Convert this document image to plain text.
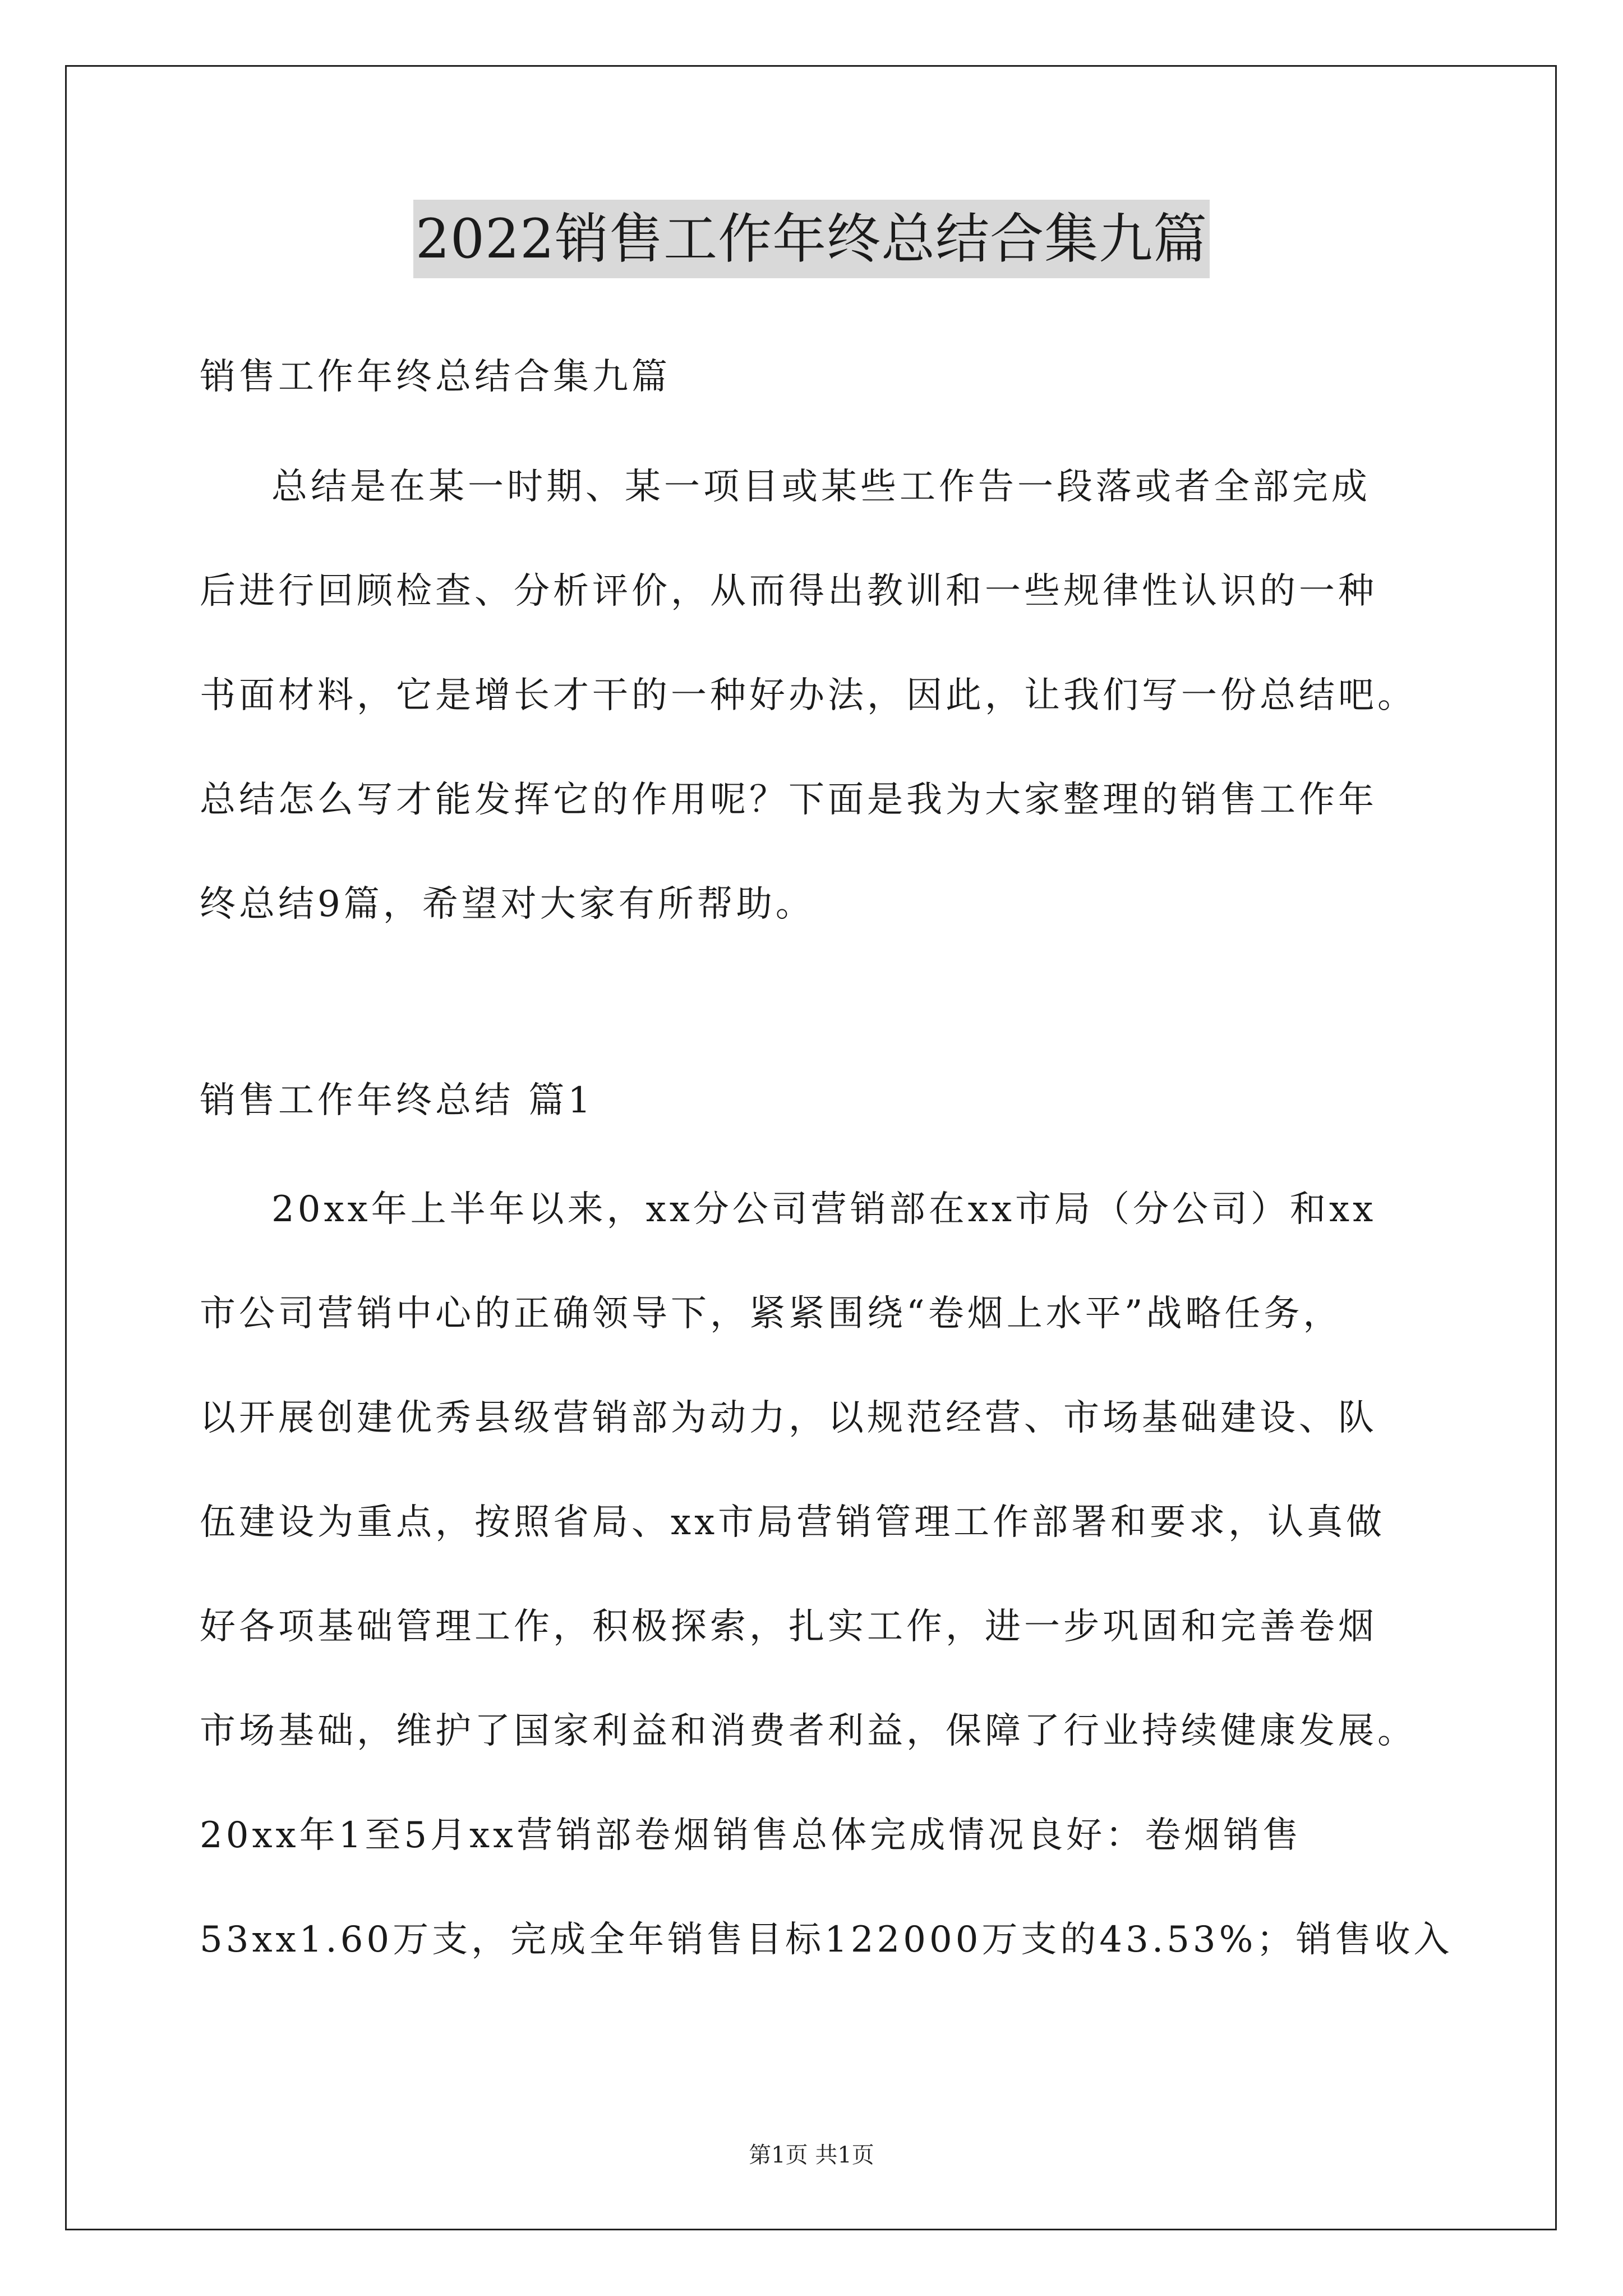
2022销售工作年终总结合集九篇
销售工作年终总结合集九篇
总结是在某一时期、某一项目或某些工作告一段落或者全部完成
后进行回顾检查、分析评价，从而得出教训和一些规律性认识的一种
书面材料，它是增长才干的一种好办法，因此，让我们写一份总结吧。
总结怎么写才能发挥它的作用呢？下面是我为大家整理的销售工作年
终总结9篇，希望对大家有所帮助。
销售工作年终总结 篇1
20xx年上半年以来，xx分公司营销部在xx市局（分公司）和xx
市公司营销中心的正确领导下，紧紧围绕“卷烟上水平”战略任务，
以开展创建优秀县级营销部为动力，以规范经营、市场基础建设、队
伍建设为重点，按照省局、xx市局营销管理工作部署和要求，认真做
好各项基础管理工作，积极探索，扎实工作，进一步巩固和完善卷烟
市场基础，维护了国家利益和消费者利益，保障了行业持续健康发展。
20xx年1至5月xx营销部卷烟销售总体完成情况良好：卷烟销售
53xx1.60万支，完成全年销售目标122000万支的43.53%；销售收入
第1页 共1页
